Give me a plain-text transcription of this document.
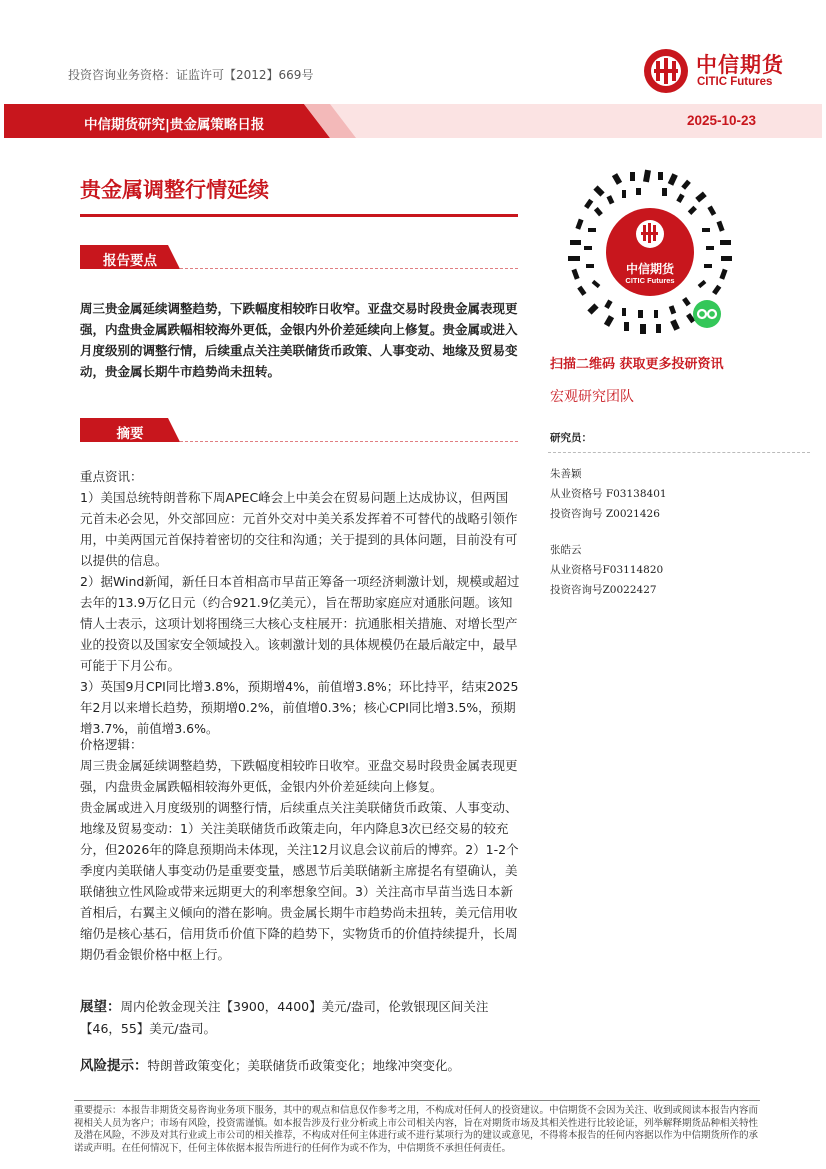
投资咨询业务资格：证监许可【2012】669号	中信期货
CITIC Futures
中信期货研究|贵金属策略日报	2025-10-23
贵金属调整行情延续
报告要点
周三贵金属延续调整趋势，下跌幅度相较昨日收窄。亚盘交易时段贵金属表现更强，内盘贵金属跌幅相较海外更低，金银内外价差延续向上修复。贵金属或进入月度级别的调整行情，后续重点关注美联储货币政策、人事变动、地缘及贸易变动，贵金属长期牛市趋势尚未扭转。
摘要

重点资讯：

1）美国总统特朗普称下周APEC峰会上中美会在贸易问题上达成协议，但两国元首未必会见，外交部回应：元首外交对中美关系发挥着不可替代的战略引领作用，中美两国元首保持着密切的交往和沟通；关于提到的具体问题，目前没有可以提供的信息。

2）据Wind新闻，新任日本首相高市早苗正筹备一项经济刺激计划，规模或超过去年的13.9万亿日元（约合921.9亿美元），旨在帮助家庭应对通胀问题。该知情人士表示，这项计划将围绕三大核心支柱展开：抗通胀相关措施、对增长型产业的投资以及国家安全领域投入。该刺激计划的具体规模仍在最后敲定中，最早可能于下月公布。

3）英国9月CPI同比增3.8%，预期增4%，前值增3.8%；环比持平，结束2025年2月以来增长趋势，预期增0.2%，前值增0.3%；核心CPI同比增3.5%，预期增3.7%，前值增3.6%。

价格逻辑：

周三贵金属延续调整趋势，下跌幅度相较昨日收窄。亚盘交易时段贵金属表现更强，内盘贵金属跌幅相较海外更低，金银内外价差延续向上修复。

贵金属或进入月度级别的调整行情，后续重点关注美联储货币政策、人事变动、地缘及贸易变动：1）关注美联储货币政策走向，年内降息3次已经交易的较充分，但2026年的降息预期尚未体现，关注12月议息会议前后的博弈。2）1-2个季度内美联储人事变动仍是重要变量，感恩节后美联储新主席提名有望确认，美联储独立性风险或带来远期更大的利率想象空间。3）关注高市早苗当选日本新首相后，右翼主义倾向的潜在影响。贵金属长期牛市趋势尚未扭转，美元信用收缩仍是核心基石，信用货币价值下降的趋势下，实物货币的价值持续提升，长周期仍看金银价格中枢上行。

展望：周内伦敦金现关注【3900，4400】美元/盎司，伦敦银现区间关注【46，55】美元/盎司。
风险提示：特朗普政策变化；美联储货币政策变化；地缘冲突变化。
中信期货
CITIC Futures
扫描二维码 获取更多投研资讯
宏观研究团队
研究员：
朱善颖
从业资格号 F03138401
投资咨询号 Z0021426
张皓云
从业资格号F03114820
投资咨询号Z0022427
重要提示：本报告非期货交易咨询业务项下服务，其中的观点和信息仅作参考之用，不构成对任何人的投资建议。中信期货不会因为关注、收到或阅读本报告内容而视相关人员为客户；市场有风险，投资需谨慎。如本报告涉及行业分析或上市公司相关内容，旨在对期货市场及其相关性进行比较论证，列举解释期货品种相关特性及潜在风险，不涉及对其行业或上市公司的相关推荐，不构成对任何主体进行或不进行某项行为的建议或意见，不得将本报告的任何内容据以作为中信期货所作的承诺或声明。在任何情况下，任何主体依据本报告所进行的任何作为或不作为，中信期货不承担任何责任。
